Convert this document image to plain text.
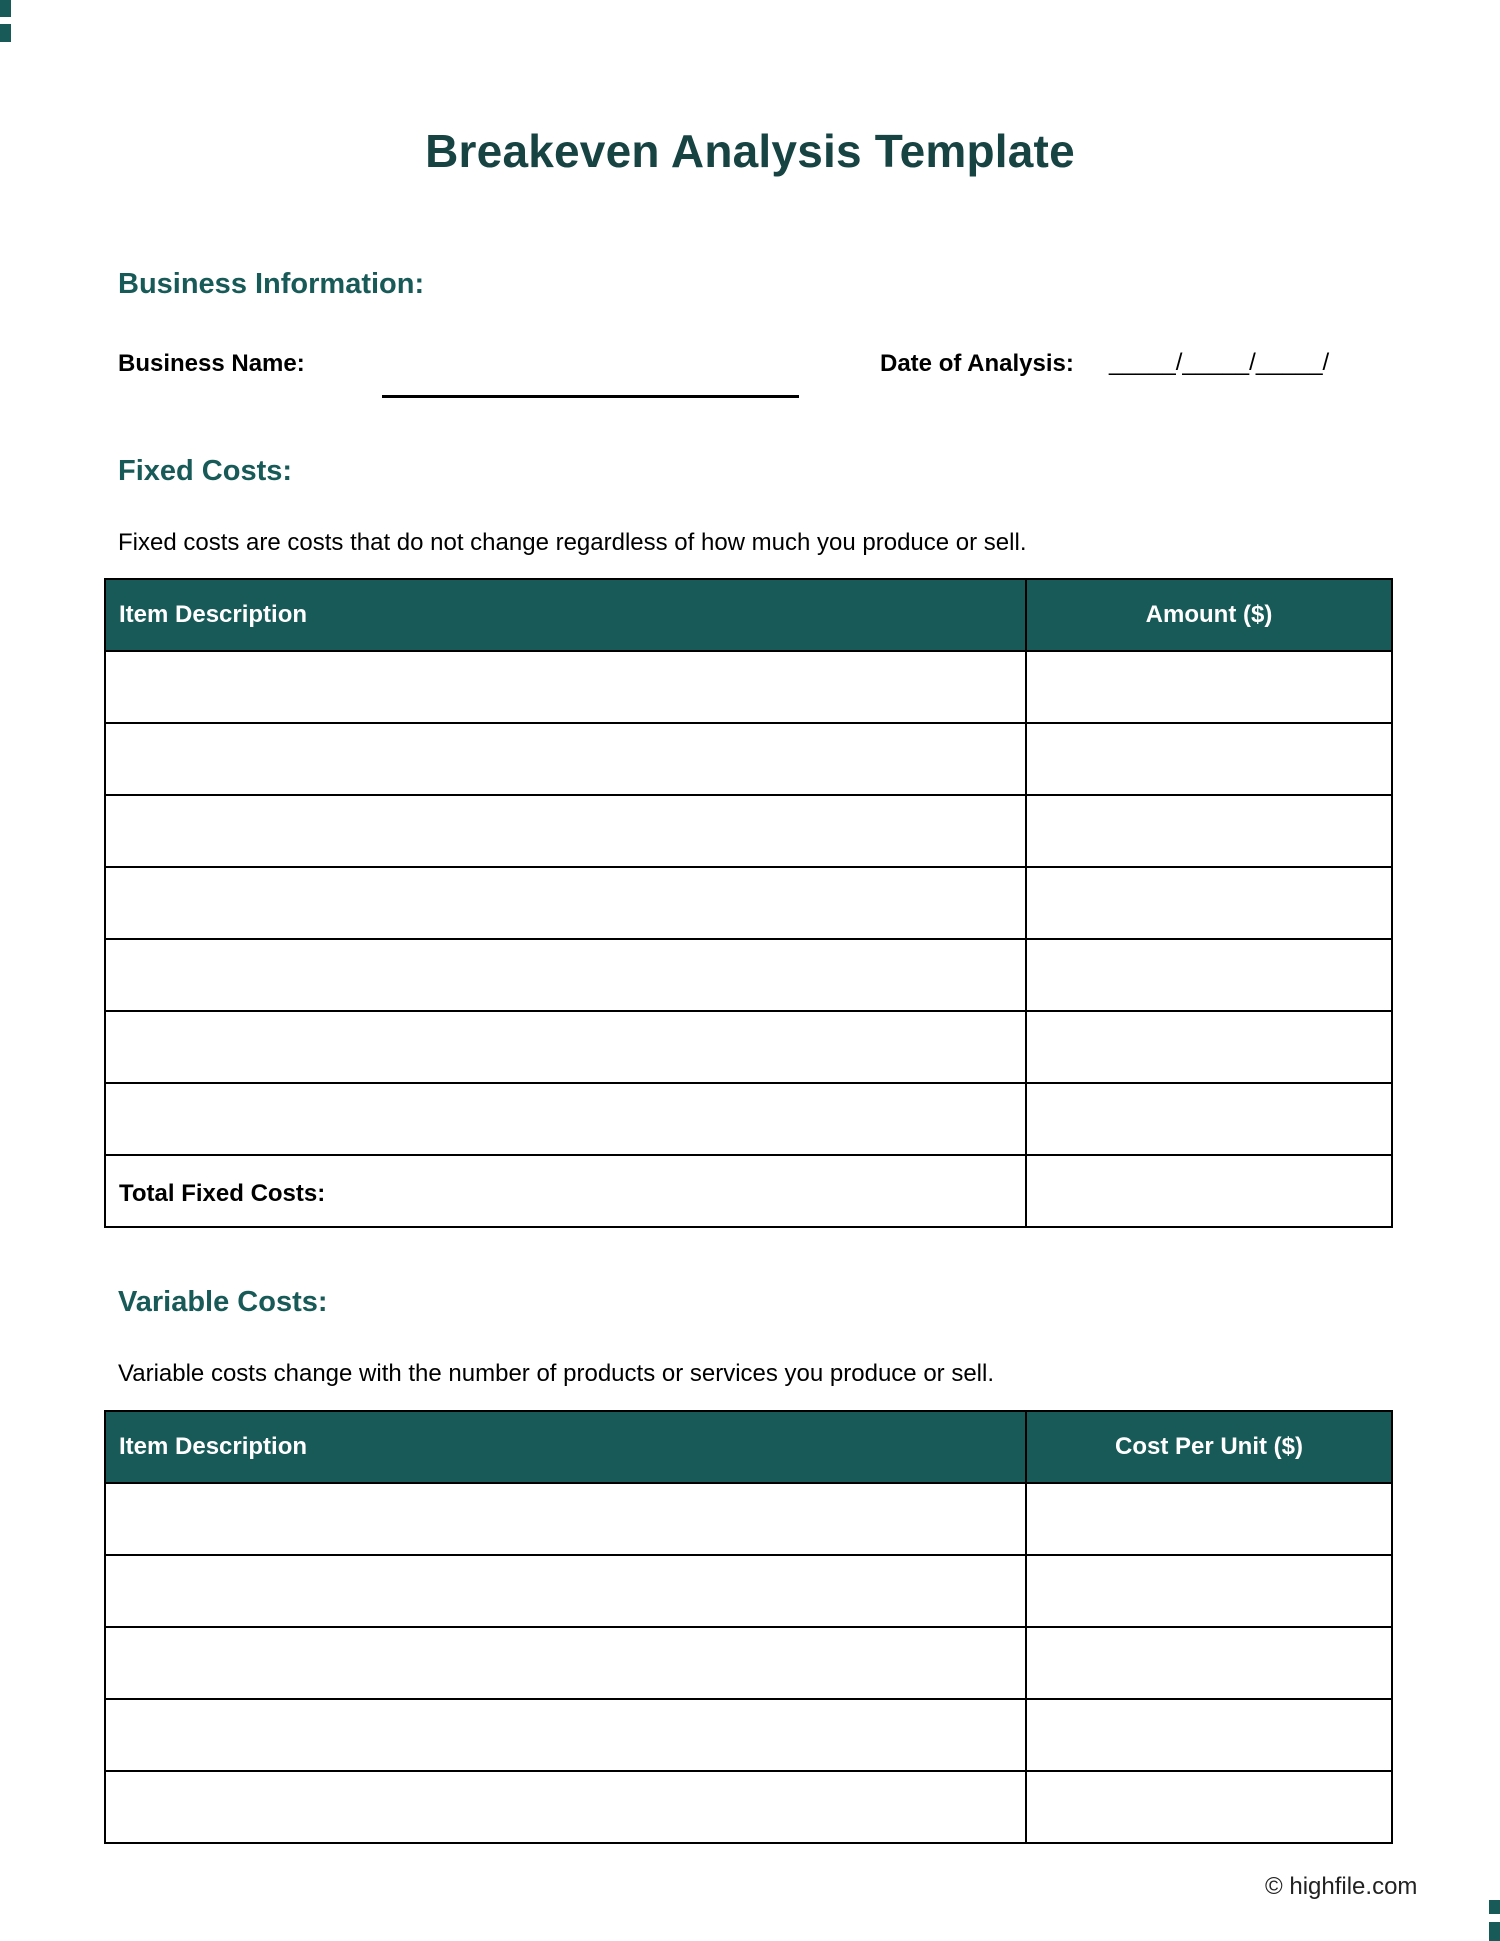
Breakeven Analysis Template
Business Information:
Business Name:	Date of Analysis: _____/_____/_____/
Fixed Costs:
Fixed costs are costs that do not change regardless of how much you produce or sell.
Item Description	Amount ($)

Total Fixed Costs:	
Variable Costs:
Variable costs change with the number of products or services you produce or sell.
Item Description	Cost Per Unit ($)

© highfile.com
